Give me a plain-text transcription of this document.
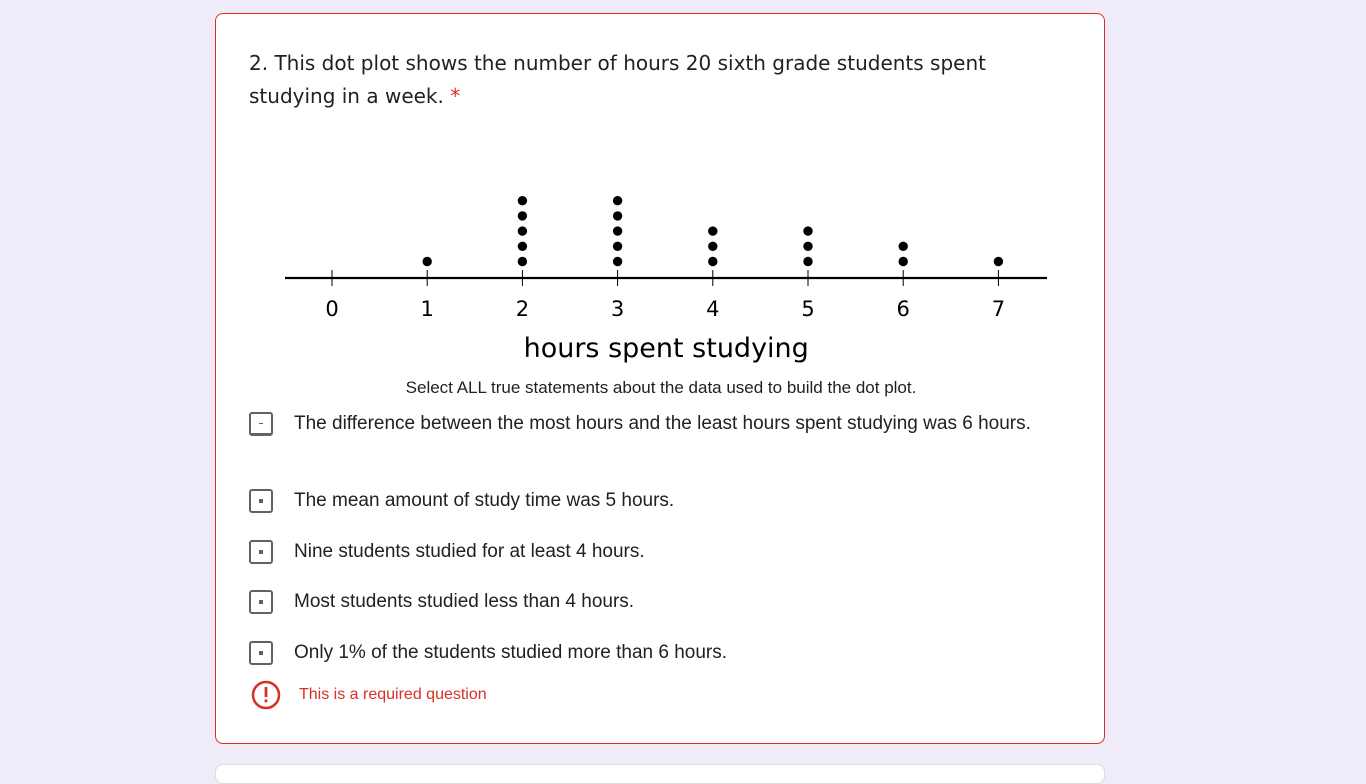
2. This dot plot shows the number of hours 20 sixth grade students spent studying in a week. *

0	1	2	3	4	5	6	7
hours spent studying
Select ALL true statements about the data used to build the dot plot.
The difference between the most hours and the least hours spent studying was 6 hours.
The mean amount of study time was 5 hours.
Nine students studied for at least 4 hours.
Most students studied less than 4 hours.
Only 1% of the students studied more than 6 hours.
This is a required question
